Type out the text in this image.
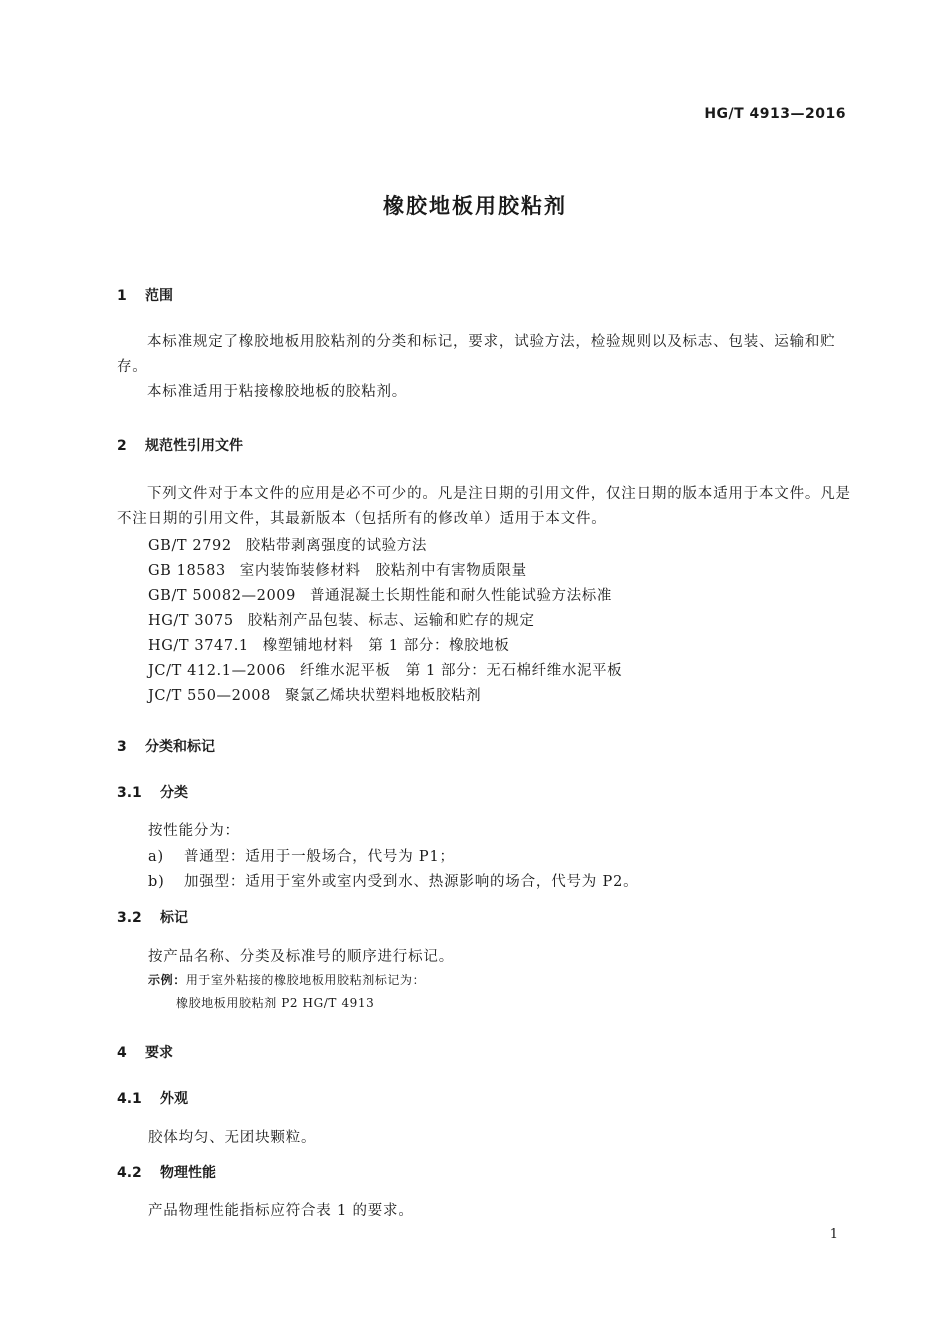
HG/T 4913—2016
橡胶地板用胶粘剂
1 范围
本标准规定了橡胶地板用胶粘剂的分类和标记，要求，试验方法，检验规则以及标志、包装、运输和贮存。
本标准适用于粘接橡胶地板的胶粘剂。
2 规范性引用文件
下列文件对于本文件的应用是必不可少的。凡是注日期的引用文件，仅注日期的版本适用于本文件。凡是不注日期的引用文件，其最新版本（包括所有的修改单）适用于本文件。
GB/T 2792 胶粘带剥离强度的试验方法
GB 18583 室内装饰装修材料　胶粘剂中有害物质限量
GB/T 50082—2009 普通混凝土长期性能和耐久性能试验方法标准
HG/T 3075 胶粘剂产品包装、标志、运输和贮存的规定
HG/T 3747.1 橡塑铺地材料　第 1 部分：橡胶地板
JC/T 412.1—2006 纤维水泥平板　第 1 部分：无石棉纤维水泥平板
JC/T 550—2008 聚氯乙烯块状塑料地板胶粘剂
3 分类和标记
3.1 分类
按性能分为：
a) 普通型：适用于一般场合，代号为 P1；
b) 加强型：适用于室外或室内受到水、热源影响的场合，代号为 P2。
3.2 标记
按产品名称、分类及标准号的顺序进行标记。
示例：用于室外粘接的橡胶地板用胶粘剂标记为：
橡胶地板用胶粘剂 P2 HG/T 4913
4 要求
4.1 外观
胶体均匀、无团块颗粒。
4.2 物理性能
产品物理性能指标应符合表 1 的要求。
1
